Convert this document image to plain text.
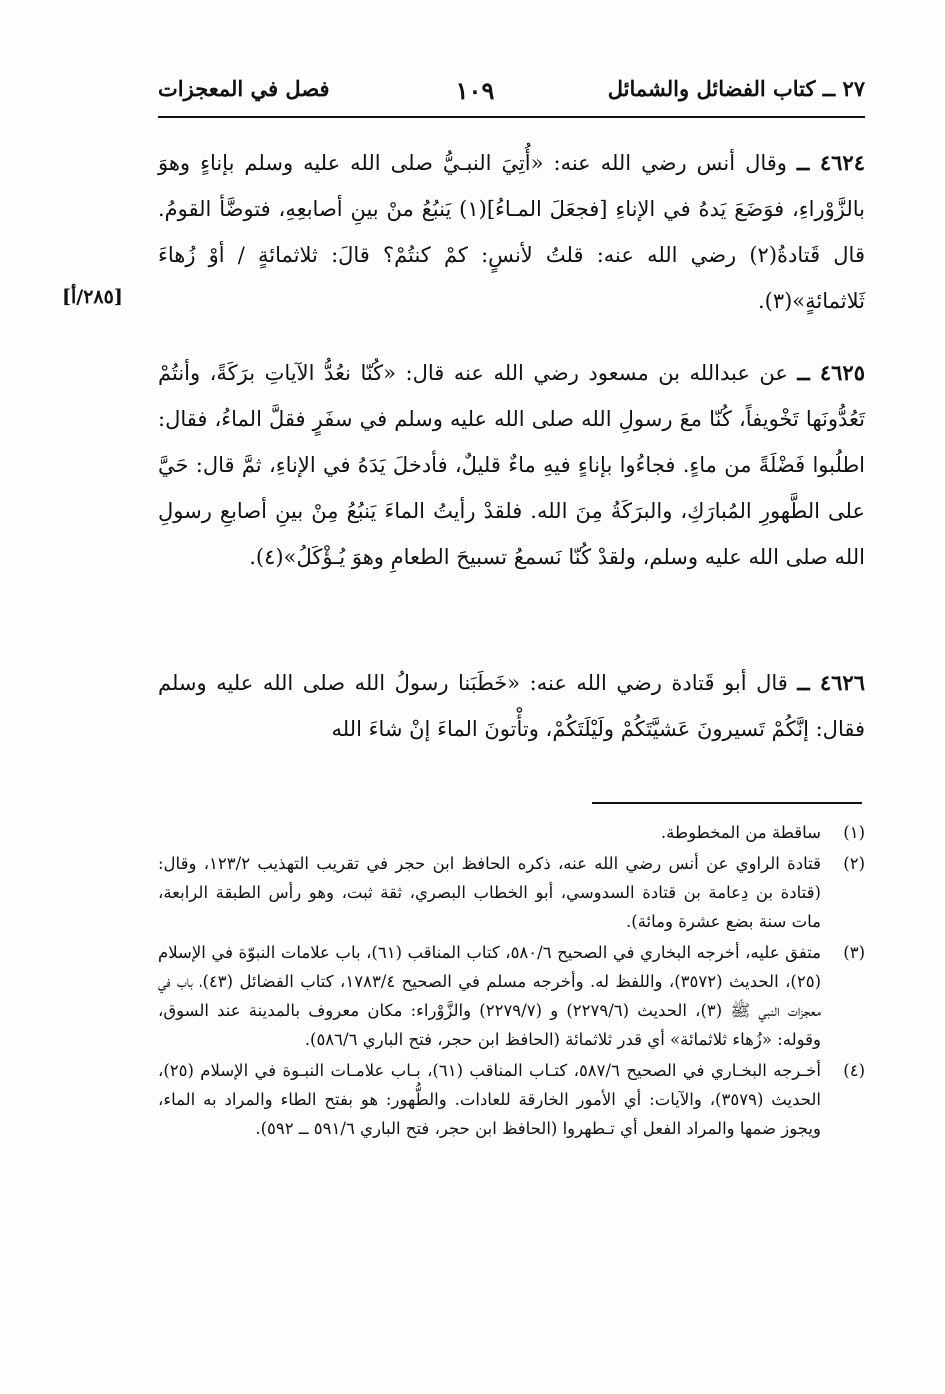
٢٧ ــ كتاب الفضائل والشمائل
١٠٩
فصل في المعجزات
٤٦٢٤ ــ وقال أنس رضي الله عنه: «أُتِيَ النبـيُّ صلى الله عليه وسلم بإناءٍ وهوَ بالزَّوْراءِ، فوَضَعَ يَدهُ في الإناءِ [فجعَلَ المـاءُ](١) يَنبُعُ منْ بينِ أصابعِهِ، فتوضَّأ القومُ. قال قَتادةُ(٢) رضي الله عنه: قلتُ لأنسٍ: كمْ كنتُمْ؟ قالَ: ثلاثمائةٍ / أوْ زُهاءَ ثَلاثمائةٍ»(٣).
[٢٨٥/أ]
٤٦٢٥ ــ عن عبدالله بن مسعود رضي الله عنه قال: «كُنّا نعُدُّ الآياتِ برَكَةً، وأنتُمْ تَعُدُّونَها تَخْويفاً، كُنّا معَ رسولِ الله صلى الله عليه وسلم في سفَرٍ فقلَّ الماءُ، فقال: اطلُبوا فَضْلَةً من ماءٍ. فجاءُوا بإناءٍ فيهِ ماءٌ قليلٌ، فأدخلَ يَدَهُ في الإناءِ، ثمَّ قال: حَيَّ على الطَّهورِ المُبارَكِ، والبرَكَةُ مِنَ الله. فلقدْ رأيتُ الماءَ يَنبُعُ مِنْ بينِ أصابعِ رسولِ الله صلى الله عليه وسلم، ولقدْ كُنّا نَسمعُ تسبيحَ الطعامِ وهوَ يُـؤْكَلُ»(٤).
٤٦٢٦ ــ قال أبو قَتادة رضي الله عنه: «خَطَبَنا رسولُ الله صلى الله عليه وسلم فقال: إنَّكُمْ تَسيرونَ عَشيَّتَكُمْ ولَيْلَتَكُمْ، وتأْتونَ الماءَ إنْ شاءَ الله
(١)
ساقطة من المخطوطة.
(٢)
قتادة الراوي عن أنس رضي الله عنه، ذكره الحافظ ابن حجر في تقريب التهذيب ١٢٣/٢، وقال: (قتادة بن دِعامة بن قتادة السدوسي، أبو الخطاب البصري، ثقة ثبت، وهو رأس الطبقة الرابعة، مات سنة بضع عشرة ومائة).
(٣)
متفق عليه، أخرجه البخاري في الصحيح ٥٨٠/٦، كتاب المناقب (٦١)، باب علامات النبوّة في الإسلام (٢٥)، الحديث (٣٥٧٢)، واللفظ له. وأخرجه مسلم في الصحيح ١٧٨٣/٤، كتاب الفضائل (٤٣)، باب في معجزات النبي ﷺ (٣)، الحديث (٢٢٧٩/٦) و (٢٢٧٩/٧) والزَّوْراء: مكان معروف بالمدينة عند السوق، وقوله: «زُهاء ثلاثمائة» أي قدر ثلاثمائة (الحافظ ابن حجر، فتح الباري ٥٨٦/٦).
(٤)
أخـرجه البخـاري في الصحيح ٥٨٧/٦، كتـاب المناقب (٦١)، بـاب علامـات النبـوة في الإسلام (٢٥)، الحديث (٣٥٧٩)، والآيات: أي الأمور الخارقة للعادات. والطُّهور: هو بفتح الطاء والمراد به الماء، ويجوز ضمها والمراد الفعل أي تـطهروا (الحافظ ابن حجر، فتح الباري ٥٩١/٦ ــ ٥٩٢).
